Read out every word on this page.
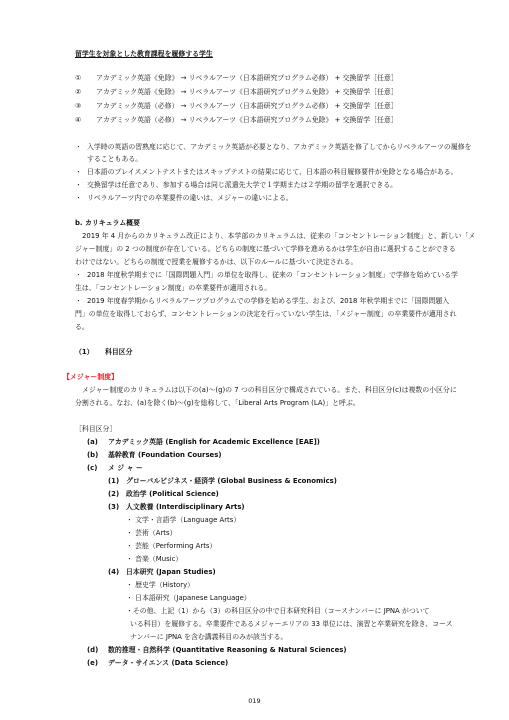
留学生を対象とした教育課程を履修する学生
① アカデミック英語《免除》 → リベラルアーツ（日本語研究プログラム必修） + 交換留学［任意］
② アカデミック英語《免除》 → リベラルアーツ《日本語研究プログラム免除》 + 交換留学［任意］
③ アカデミック英語（必修） → リベラルアーツ（日本語研究プログラム必修） + 交換留学［任意］
④ アカデミック英語（必修） → リベラルアーツ《日本語研究プログラム免除》 + 交換留学［任意］
・ 入学時の英語の習熟度に応じて、アカデミック英語が必要となり、アカデミック英語を修了してからリベラルアーツの履修を
することもある。
・ 日本語のプレイスメントテストまたはスキップテストの結果に応じて、日本語の科目履修要件が免除となる場合がある。
・ 交換留学は任意であり、参加する場合は同じ派遣先大学で１学期または２学期の留学を選択できる。
・ リベラルアーツ内での卒業要件の違いは、メジャーの違いによる。
b. カリキュラム概要
2019 年 4 月からのカリキュラム改正により、本学部のカリキュラムは、従来の「コンセントレーション制度」と、新しい「メ
ジャー制度」の 2 つの制度が存在している。どちらの制度に基づいて学修を進めるかは学生が自由に選択することができる
わけではない。どちらの制度で授業を履修するかは、以下のルールに基づいて決定される。
・ 2018 年度秋学期までに「国際問題入門」の単位を取得し、従来の「コンセントレーション制度」で学修を始めている学
生は、「コンセントレーション制度」の卒業要件が適用される。
・ 2019 年度春学期からリベラルアーツプログラムでの学修を始める学生、および、2018 年秋学期までに「国際問題入
門」の単位を取得しておらず、コンセントレーションの決定を行っていない学生は、「メジャー制度」の卒業要件が適用され
る。
（1） 科目区分
【メジャー制度】
メジャー制度のカリキュラムは以下の(a)～(g)の 7 つの科目区分で構成されている。また、科目区分(c)は複数の小区分に
分割される。なお、(a)を除く(b)～(g)を総称して、「Liberal Arts Program (LA)」と呼ぶ。
［科目区分］
(a) アカデミック英語 (English for Academic Excellence [EAE])
(b) 基幹教育 (Foundation Courses)
(c) メ ジ ャ ー
(1) グローバルビジネス・経済学 (Global Business & Economics)
(2) 政治学 (Political Science)
(3) 人文教養 (Interdisciplinary Arts)
・ 文学・言語学（Language Arts）
・ 芸術（Arts）
・ 芸能（Performing Arts）
・ 音楽（Music）
(4) 日本研究 (Japan Studies)
・ 歴史学（History）
・ 日本語研究（Japanese Language）
・その他、上記（1）から（3）の科目区分の中で日本研究科目（コースナンバーに JPNA がついて
いる科目）を履修する。卒業要件であるメジャーエリアの 33 単位には、演習と卒業研究を除き、コース
ナンバーに JPNA を含む講義科目のみが該当する。
(d) 数的推理・自然科学 (Quantitative Reasoning & Natural Sciences)
(e) データ・サイエンス (Data Science)
019
